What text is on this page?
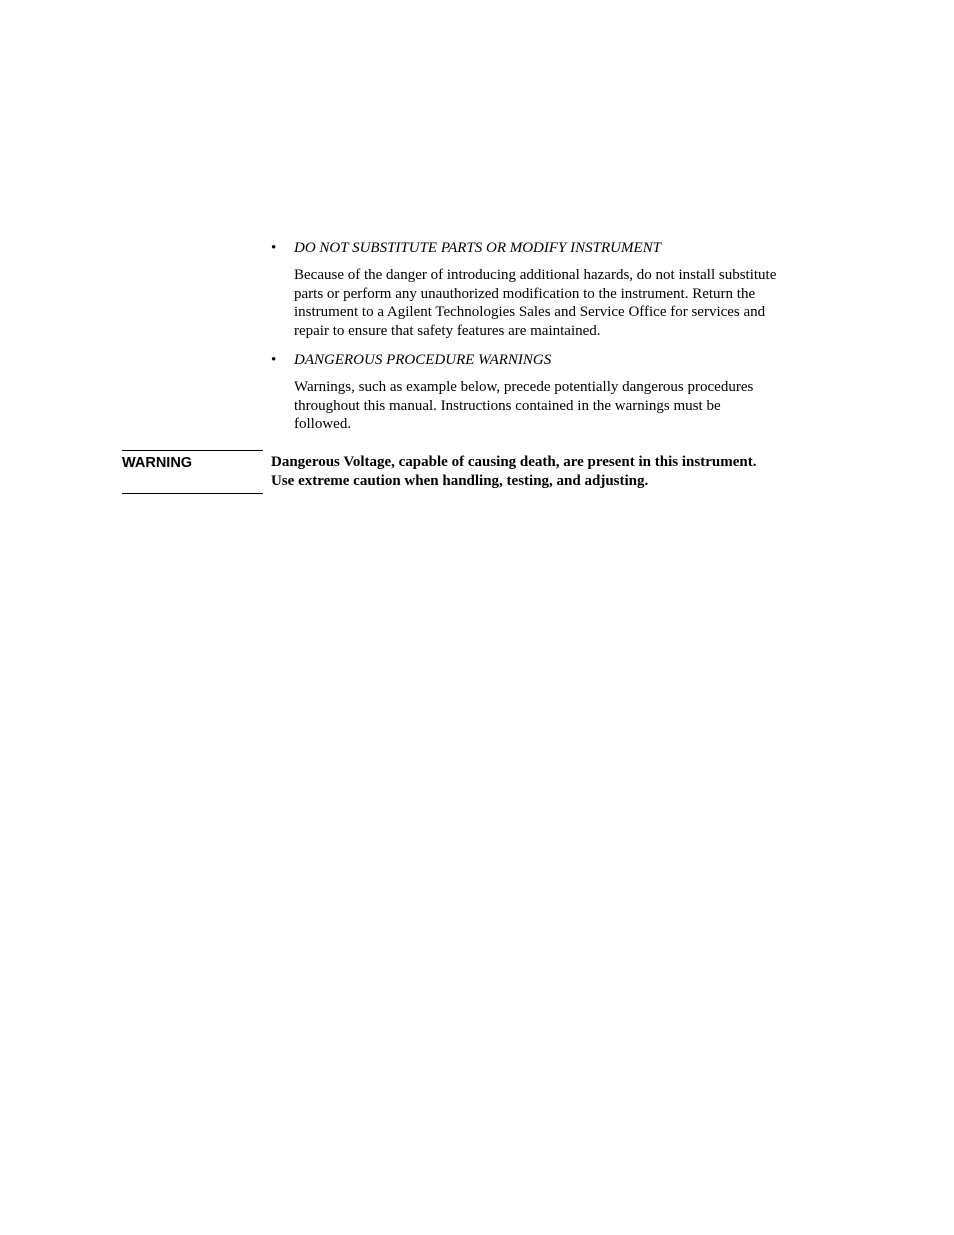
• DO NOT SUBSTITUTE PARTS OR MODIFY INSTRUMENT
Because of the danger of introducing additional hazards, do not install substitute
parts or perform any unauthorized modification to the instrument. Return the
instrument to a Agilent Technologies Sales and Service Office for services and
repair to ensure that safety features are maintained.
• DANGEROUS PROCEDURE WARNINGS
Warnings, such as example below, precede potentially dangerous procedures
throughout this manual. Instructions contained in the warnings must be
followed.
WARNING	Dangerous Voltage, capable of causing death, are present in this instrument.
Use extreme caution when handling, testing, and adjusting.
